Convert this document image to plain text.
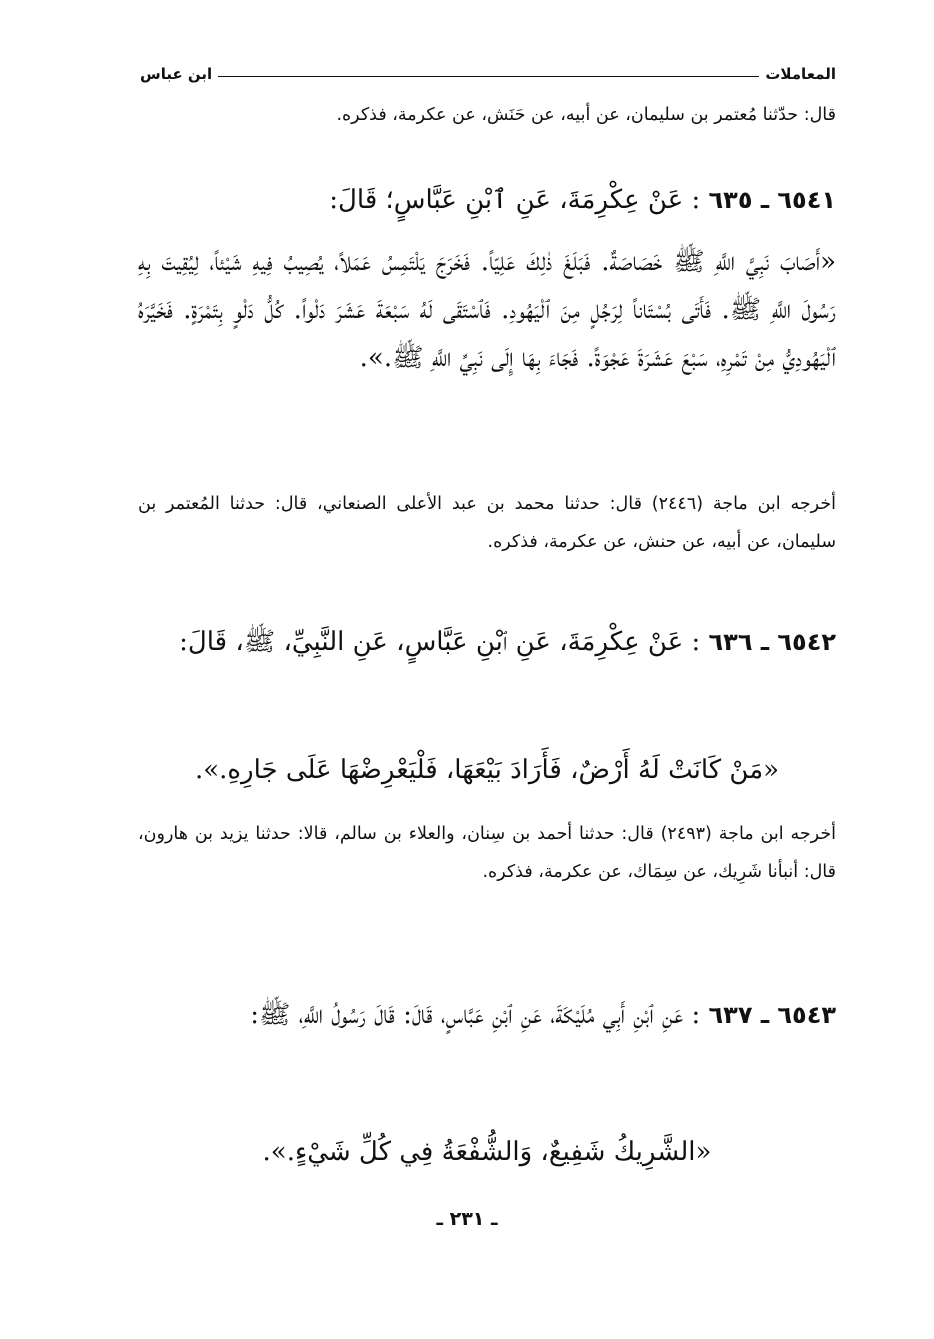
المعاملات
ابن عباس
قال: حدّثنا مُعتمر بن سليمان، عن أبيه، عن حَنَش، عن عكرمة، فذكره.
٦٥٤١ ـ ٦٣٥ : عَنْ عِكْرِمَةَ، عَنِ ٱبْنِ عَبَّاسٍ؛ قَالَ:
«أَصَابَ نَبِيَّ اللَّهِ ﷺ خَصَاصَةٌ. فَبَلَغَ ذٰلِكَ عَلِيّاً. فَخَرَجَ يَلْتَمِسُ عَمَلاً، يُصِيبُ فِيهِ شَيْئاً، لِيُقِيتَ بِهِ رَسُولَ اللَّهِ ﷺ. فَأَتَى بُسْتَاناً لِرَجُلٍ مِنَ ٱلْيَهُودِ. فَٱسْتَقَى لَهُ سَبْعَةَ عَشَرَ دَلْواً. كُلُّ دَلْوٍ بِتَمْرَةٍ. فَخَيَّرَهُ ٱلْيَهُودِيُّ مِنْ تَمْرِهِ، سَبْعَ عَشَرَةَ عَجْوَةً. فَجَاءَ بِهَا إِلَى نَبِيِّ اللَّهِ ﷺ.».
أخرجه ابن ماجة (٢٤٤٦) قال: حدثنا محمد بن عبد الأعلى الصنعاني، قال: حدثنا المُعتمر بن سليمان، عن أبيه، عن حنش، عن عكرمة، فذكره.
٦٥٤٢ ـ ٦٣٦ : عَنْ عِكْرِمَةَ، عَنِ ٱبْنِ عَبَّاسٍ، عَنِ النَّبِيِّ، ﷺ، قَالَ:
«مَنْ كَانَتْ لَهُ أَرْضٌ، فَأَرَادَ بَيْعَهَا، فَلْيَعْرِضْهَا عَلَى جَارِهِ.».
أخرجه ابن ماجة (٢٤٩٣) قال: حدثنا أحمد بن سِنان، والعلاء بن سالم، قالا: حدثنا يزيد بن هارون، قال: أنبأنا شَرِيك، عن سِمَاك، عن عكرمة، فذكره.
٦٥٤٣ ـ ٦٣٧ : عَنِ ٱبْنِ أَبِي مُلَيْكَةَ، عَنِ ٱبْنِ عَبَّاسٍ، قَالَ: قَالَ رَسُولُ اللَّهِ، ﷺ:
«الشَّرِيكُ شَفِيعٌ، وَالشُّفْعَةُ فِي كُلِّ شَيْءٍ.».
ـ ٢٣١ ـ
